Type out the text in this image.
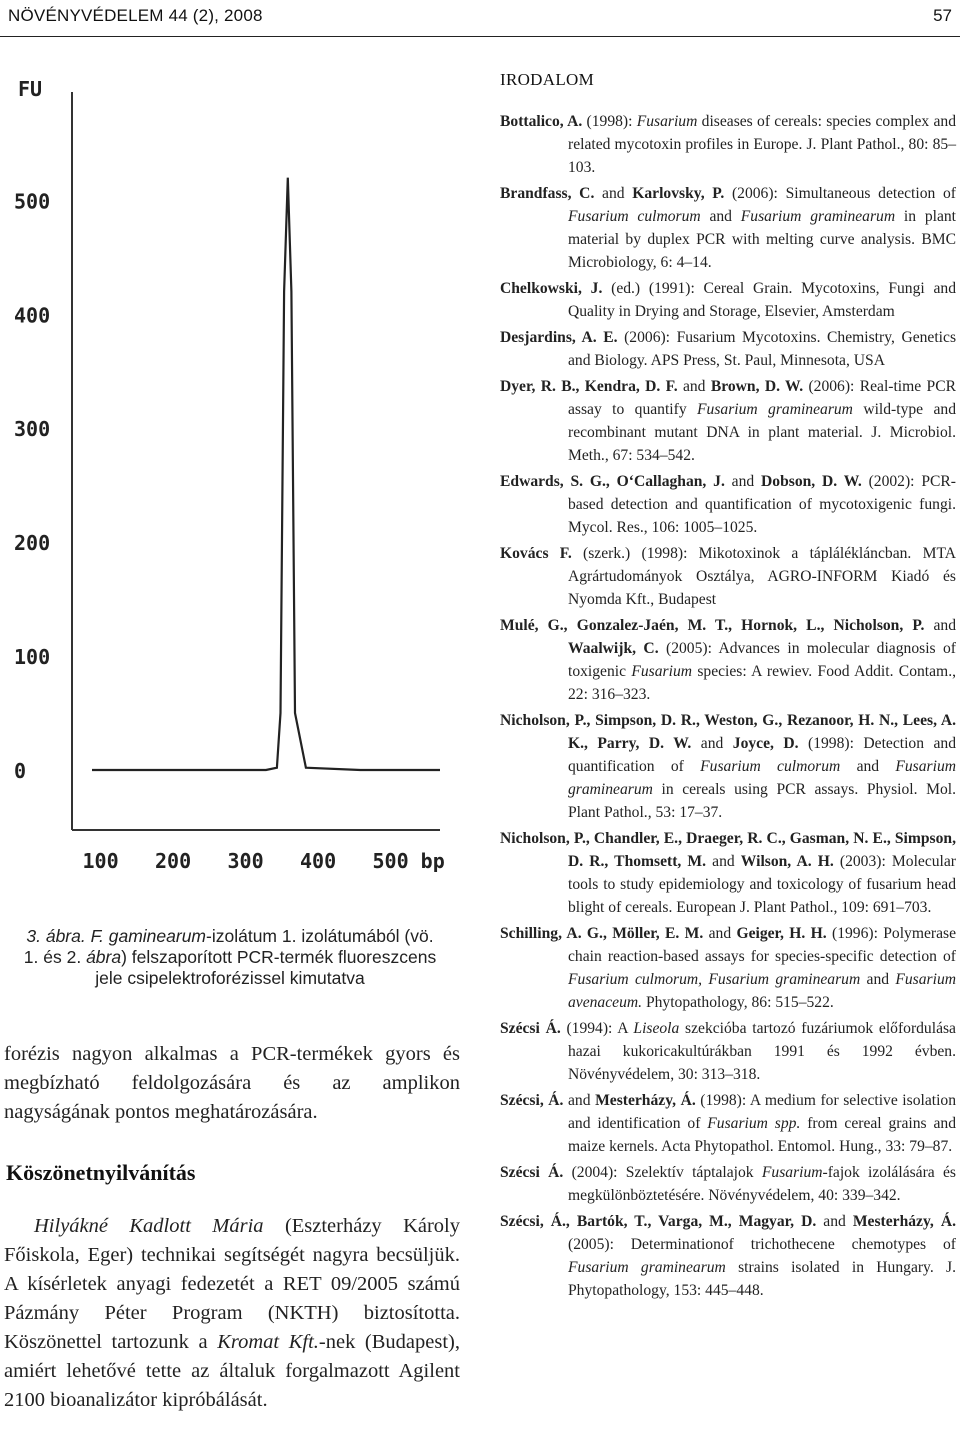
NÖVÉNYVÉDELEM 44 (2), 2008	57
FU
500
400
300
200
100
0
100 200 300 400 500 bp
3. ábra. F. gaminearum-izolátum 1. izolátumából (vö. 1. és 2. ábra) felszaporított PCR-termék fluoreszcens jele csipelektroforézissel kimutatva

forézis nagyon alkalmas a PCR-termékek gyors és megbízható feldolgozására és az amplikon nagyságának pontos meghatározására.

Köszönetnyilvánítás

Hilyákné Kadlott Mária (Eszterházy Károly Főiskola, Eger) technikai segítségét nagyra becsüljük. A kísérletek anyagi fedezetét a RET 09/2005 számú Pázmány Péter Program (NKTH) biztosította. Köszönettel tartozunk a Kromat Kft.-nek (Budapest), amiért lehetővé tette az általuk forgalmazott Agilent 2100 bioanalizátor kipróbálását.

IRODALOM

Bottalico, A. (1998): Fusarium diseases of cereals: species complex and related mycotoxin profiles in Europe. J. Plant Pathol., 80: 85–103.

Brandfass, C. and Karlovsky, P. (2006): Simultaneous detection of Fusarium culmorum and Fusarium graminearum in plant material by duplex PCR with melting curve analysis. BMC Microbiology, 6: 4–14.

Chelkowski, J. (ed.) (1991): Cereal Grain. Mycotoxins, Fungi and Quality in Drying and Storage, Elsevier, Amsterdam

Desjardins, A. E. (2006): Fusarium Mycotoxins. Chemistry, Genetics and Biology. APS Press, St. Paul, Minnesota, USA

Dyer, R. B., Kendra, D. F. and Brown, D. W. (2006): Real-time PCR assay to quantify Fusarium graminearum wild-type and recombinant mutant DNA in plant material. J. Microbiol. Meth., 67: 534–542.

Edwards, S. G., O‘Callaghan, J. and Dobson, D. W. (2002): PCR-based detection and quantification of mycotoxigenic fungi. Mycol. Res., 106: 1005–1025.

Kovács F. (szerk.) (1998): Mikotoxinok a táplálékláncban. MTA Agrártudományok Osztálya, AGRO-INFORM Kiadó és Nyomda Kft., Budapest

Mulé, G., Gonzalez-Jaén, M. T., Hornok, L., Nicholson, P. and Waalwijk, C. (2005): Advances in molecular diagnosis of toxigenic Fusarium species: A rewiev. Food Addit. Contam., 22: 316–323.

Nicholson, P., Simpson, D. R., Weston, G., Rezanoor, H. N., Lees, A. K., Parry, D. W. and Joyce, D. (1998): Detection and quantification of Fusarium culmorum and Fusarium graminearum in cereals using PCR assays. Physiol. Mol. Plant Pathol., 53: 17–37.

Nicholson, P., Chandler, E., Draeger, R. C., Gasman, N. E., Simpson, D. R., Thomsett, M. and Wilson, A. H. (2003): Molecular tools to study epidemiology and toxicology of fusarium head blight of cereals. European J. Plant Pathol., 109: 691–703.

Schilling, A. G., Möller, E. M. and Geiger, H. H. (1996): Polymerase chain reaction-based assays for species-specific detection of Fusarium culmorum, Fusarium graminearum and Fusarium avenaceum. Phytopathology, 86: 515–522.

Szécsi Á. (1994): A Liseola szekcióba tartozó fuzáriumok előfordulása hazai kukoricakultúrákban 1991 és 1992 évben. Növényvédelem, 30: 313–318.

Szécsi, Á. and Mesterházy, Á. (1998): A medium for selective isolation and identification of Fusarium spp. from cereal grains and maize kernels. Acta Phytopathol. Entomol. Hung., 33: 79–87.

Szécsi Á. (2004): Szelektív táptalajok Fusarium-fajok izolálására és megkülönböztetésére. Növényvédelem, 40: 339–342.

Szécsi, Á., Bartók, T., Varga, M., Magyar, D. and Mesterházy, Á. (2005): Determinationof trichothecene chemotypes of Fusarium graminearum strains isolated in Hungary. J. Phytopathology, 153: 445–448.
